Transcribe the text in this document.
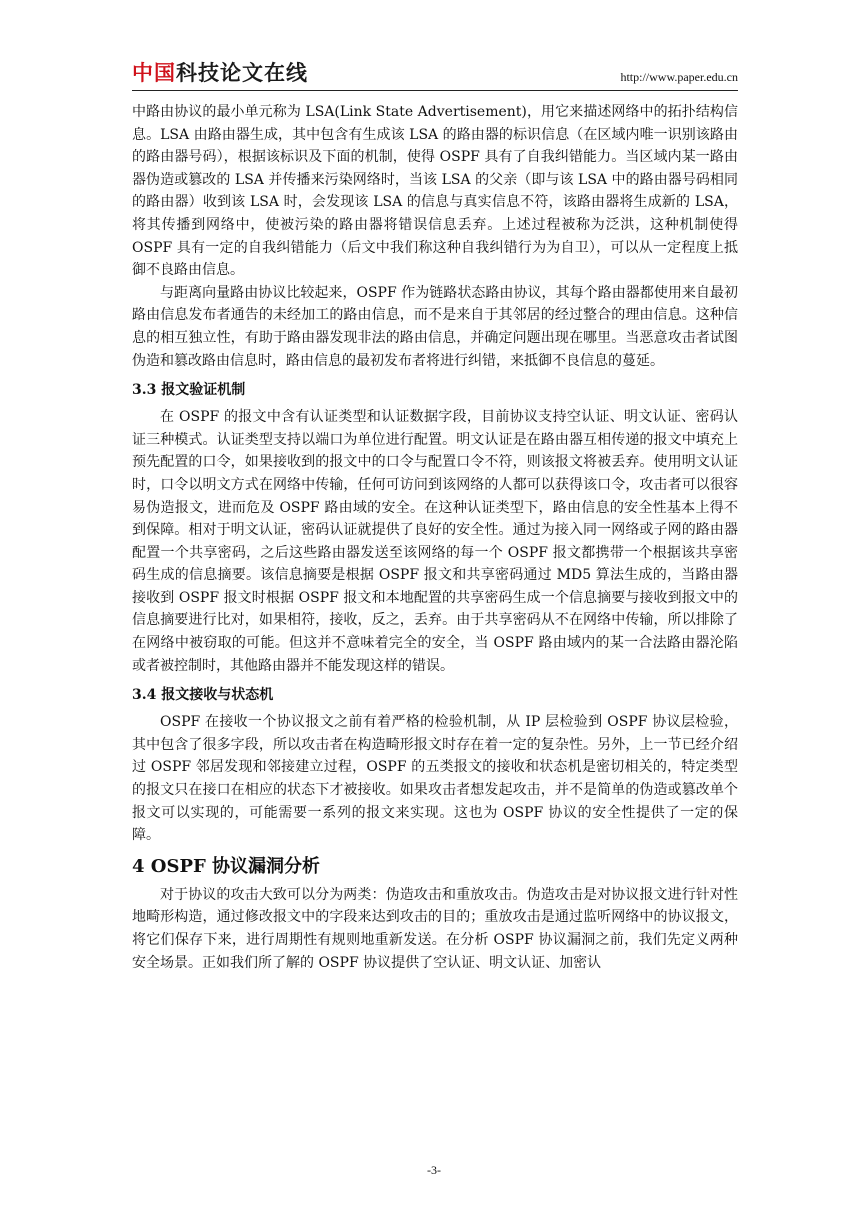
中国科技论文在线	http://www.paper.edu.cn

中路由协议的最小单元称为 LSA(Link State Advertisement)，用它来描述网络中的拓扑结构信息。LSA 由路由器生成，其中包含有生成该 LSA 的路由器的标识信息（在区域内唯一识别该路由的路由器号码），根据该标识及下面的机制，使得 OSPF 具有了自我纠错能力。当区域内某一路由器伪造或篡改的 LSA 并传播来污染网络时，当该 LSA 的父亲（即与该 LSA 中的路由器号码相同的路由器）收到该 LSA 时，会发现该 LSA 的信息与真实信息不符，该路由器将生成新的 LSA，将其传播到网络中，使被污染的路由器将错误信息丢弃。上述过程被称为泛洪，这种机制使得 OSPF 具有一定的自我纠错能力（后文中我们称这种自我纠错行为为自卫），可以从一定程度上抵御不良路由信息。

与距离向量路由协议比较起来，OSPF 作为链路状态路由协议，其每个路由器都使用来自最初路由信息发布者通告的未经加工的路由信息，而不是来自于其邻居的经过整合的理由信息。这种信息的相互独立性，有助于路由器发现非法的路由信息，并确定问题出现在哪里。当恶意攻击者试图伪造和篡改路由信息时，路由信息的最初发布者将进行纠错，来抵御不良信息的蔓延。

3.3 报文验证机制

在 OSPF 的报文中含有认证类型和认证数据字段，目前协议支持空认证、明文认证、密码认证三种模式。认证类型支持以端口为单位进行配置。明文认证是在路由器互相传递的报文中填充上预先配置的口令，如果接收到的报文中的口令与配置口令不符，则该报文将被丢弃。使用明文认证时，口令以明文方式在网络中传输，任何可访问到该网络的人都可以获得该口令，攻击者可以很容易伪造报文，进而危及 OSPF 路由域的安全。在这种认证类型下，路由信息的安全性基本上得不到保障。相对于明文认证，密码认证就提供了良好的安全性。通过为接入同一网络或子网的路由器配置一个共享密码，之后这些路由器发送至该网络的每一个 OSPF 报文都携带一个根据该共享密码生成的信息摘要。该信息摘要是根据 OSPF 报文和共享密码通过 MD5 算法生成的，当路由器接收到 OSPF 报文时根据 OSPF 报文和本地配置的共享密码生成一个信息摘要与接收到报文中的信息摘要进行比对，如果相符，接收，反之，丢弃。由于共享密码从不在网络中传输，所以排除了在网络中被窃取的可能。但这并不意味着完全的安全，当 OSPF 路由域内的某一合法路由器沦陷或者被控制时，其他路由器并不能发现这样的错误。

3.4 报文接收与状态机

OSPF 在接收一个协议报文之前有着严格的检验机制，从 IP 层检验到 OSPF 协议层检验，其中包含了很多字段，所以攻击者在构造畸形报文时存在着一定的复杂性。另外，上一节已经介绍过 OSPF 邻居发现和邻接建立过程，OSPF 的五类报文的接收和状态机是密切相关的，特定类型的报文只在接口在相应的状态下才被接收。如果攻击者想发起攻击，并不是简单的伪造或篡改单个报文可以实现的，可能需要一系列的报文来实现。这也为 OSPF 协议的安全性提供了一定的保障。

4 OSPF 协议漏洞分析

对于协议的攻击大致可以分为两类：伪造攻击和重放攻击。伪造攻击是对协议报文进行针对性地畸形构造，通过修改报文中的字段来达到攻击的目的；重放攻击是通过监听网络中的协议报文，将它们保存下来，进行周期性有规则地重新发送。在分析 OSPF 协议漏洞之前，我们先定义两种安全场景。正如我们所了解的 OSPF 协议提供了空认证、明文认证、加密认

-3-
